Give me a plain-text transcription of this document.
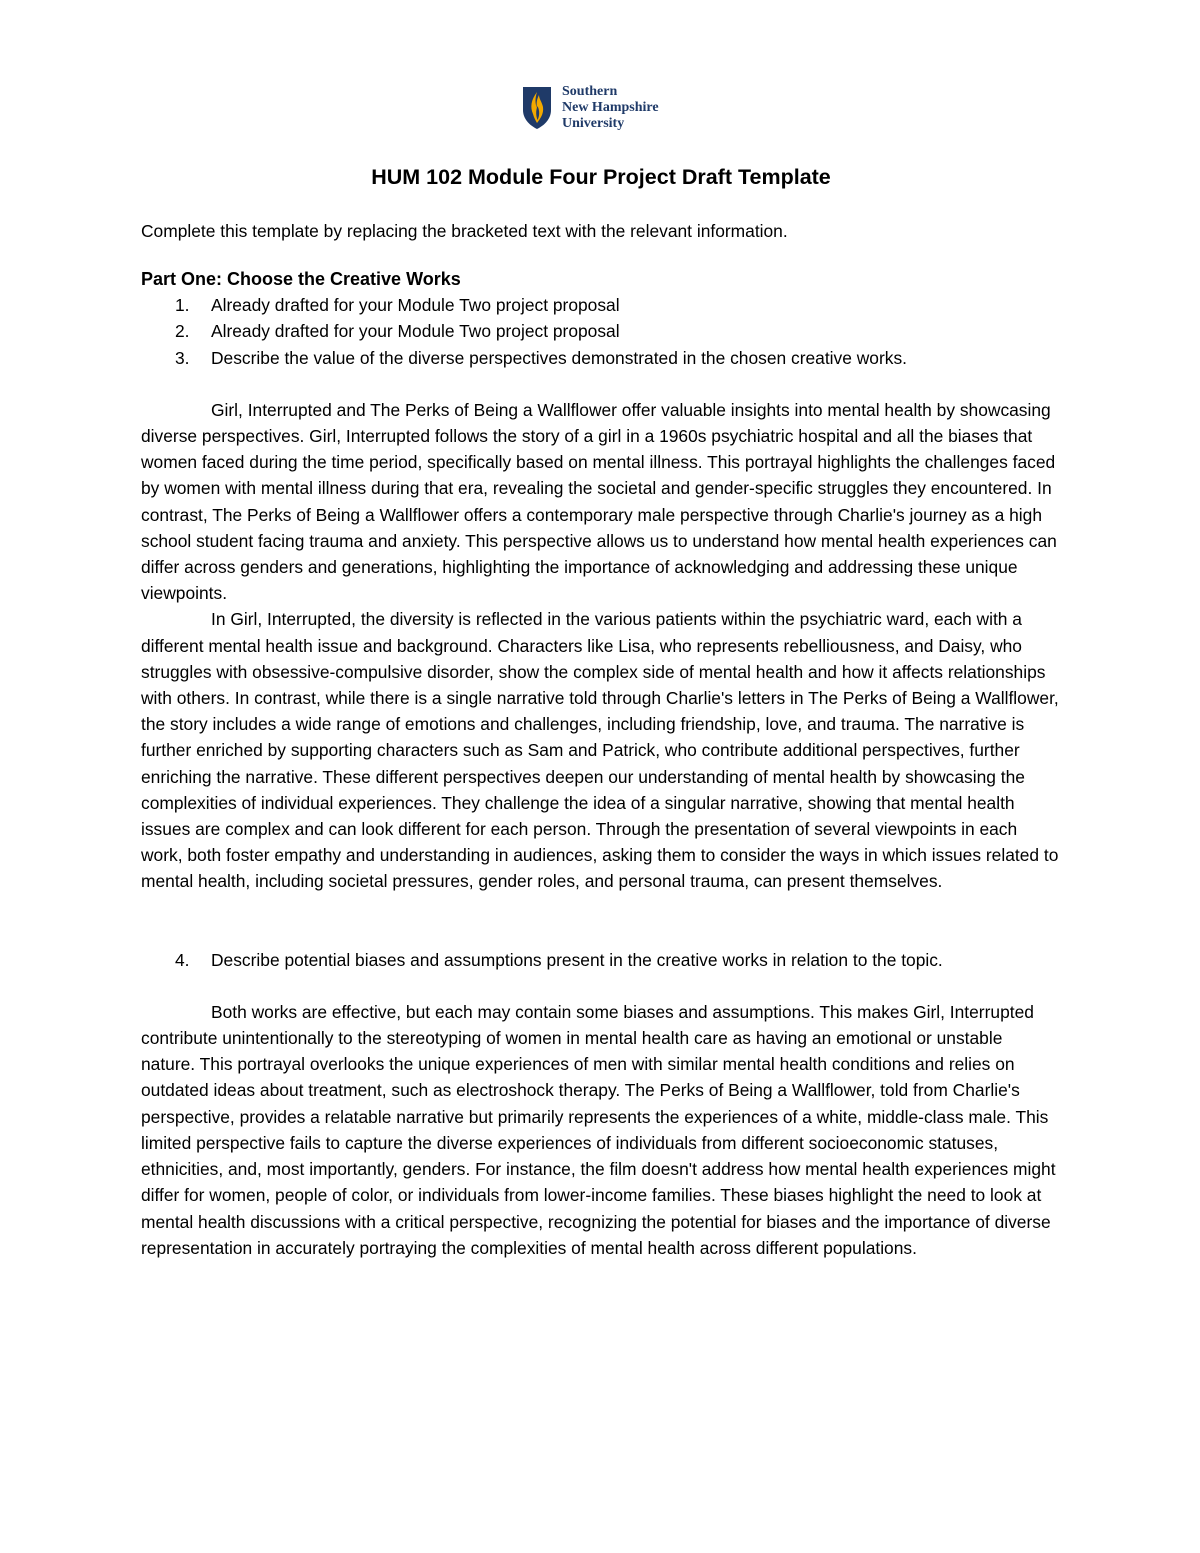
Southern
New Hampshire
University
HUM 102 Module Four Project Draft Template

Complete this template by replacing the bracketed text with the relevant information.

Part One: Choose the Creative Works
1.	Already drafted for your Module Two project proposal
2.	Already drafted for your Module Two project proposal
3.	Describe the value of the diverse perspectives demonstrated in the chosen creative works.

Girl, Interrupted and The Perks of Being a Wallflower offer valuable insights into mental health by showcasing diverse perspectives. Girl, Interrupted follows the story of a girl in a 1960s psychiatric hospital and all the biases that women faced during the time period, specifically based on mental illness. This portrayal highlights the challenges faced by women with mental illness during that era, revealing the societal and gender-specific struggles they encountered. In contrast, The Perks of Being a Wallflower offers a contemporary male perspective through Charlie's journey as a high school student facing trauma and anxiety. This perspective allows us to understand how mental health experiences can differ across genders and generations, highlighting the importance of acknowledging and addressing these unique viewpoints.

In Girl, Interrupted, the diversity is reflected in the various patients within the psychiatric ward, each with a different mental health issue and background. Characters like Lisa, who represents rebelliousness, and Daisy, who struggles with obsessive-compulsive disorder, show the complex side of mental health and how it affects relationships with others. In contrast, while there is a single narrative told through Charlie's letters in The Perks of Being a Wallflower, the story includes a wide range of emotions and challenges, including friendship, love, and trauma. The narrative is further enriched by supporting characters such as Sam and Patrick, who contribute additional perspectives, further enriching the narrative. These different perspectives deepen our understanding of mental health by showcasing the complexities of individual experiences. They challenge the idea of a singular narrative, showing that mental health issues are complex and can look different for each person. Through the presentation of several viewpoints in each work, both foster empathy and understanding in audiences, asking them to consider the ways in which issues related to mental health, including societal pressures, gender roles, and personal trauma, can present themselves.

4.	Describe potential biases and assumptions present in the creative works in relation to the topic.

Both works are effective, but each may contain some biases and assumptions. This makes Girl, Interrupted contribute unintentionally to the stereotyping of women in mental health care as having an emotional or unstable nature. This portrayal overlooks the unique experiences of men with similar mental health conditions and relies on outdated ideas about treatment, such as electroshock therapy. The Perks of Being a Wallflower, told from Charlie's perspective, provides a relatable narrative but primarily represents the experiences of a white, middle-class male. This limited perspective fails to capture the diverse experiences of individuals from different socioeconomic statuses, ethnicities, and, most importantly, genders. For instance, the film doesn't address how mental health experiences might differ for women, people of color, or individuals from lower-income families. These biases highlight the need to look at mental health discussions with a critical perspective, recognizing the potential for biases and the importance of diverse representation in accurately portraying the complexities of mental health across different populations.
